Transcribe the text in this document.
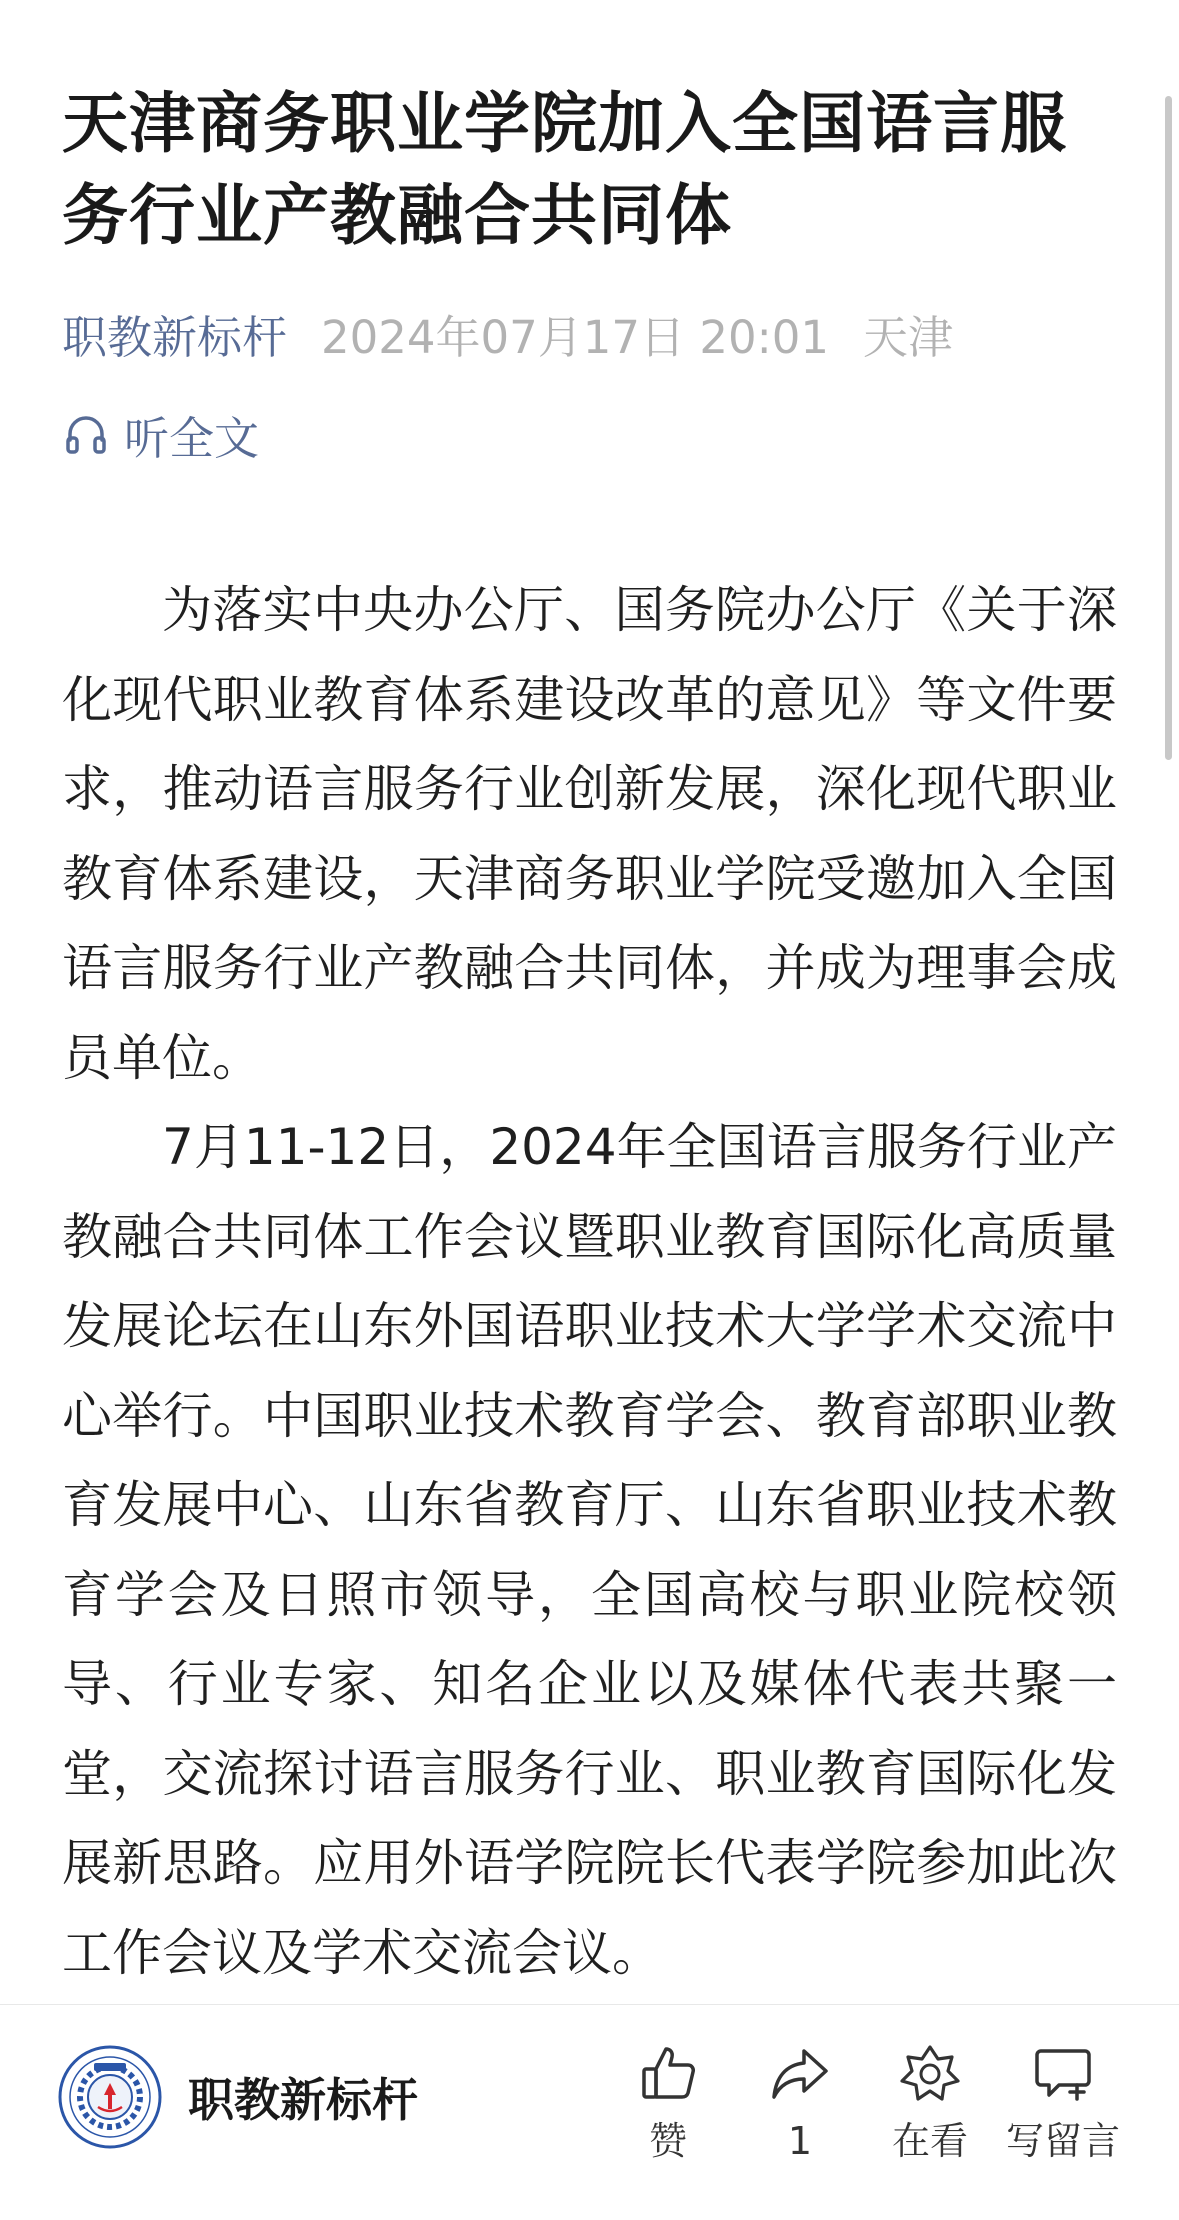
天津商务职业学院加入全国语言服务行业产教融合共同体
职教新标杆 2024年07月17日 20:01 天津
听全文

为落实中央办公厅、国务院办公厅《关于深化现代职业教育体系建设改革的意见》等文件要求，推动语言服务行业创新发展，深化现代职业教育体系建设，天津商务职业学院受邀加入全国语言服务行业产教融合共同体，并成为理事会成员单位。

7月11-12日，2024年全国语言服务行业产教融合共同体工作会议暨职业教育国际化高质量发展论坛在山东外国语职业技术大学学术交流中心举行。中国职业技术教育学会、教育部职业教育发展中心、山东省教育厅、山东省职业技术教育学会及日照市领导，全国高校与职业院校领导、行业专家、知名企业以及媒体代表共聚一堂，交流探讨语言服务行业、职业教育国际化发展新思路。应用外语学院院长代表学院参加此次工作会议及学术交流会议。

职教新标杆
赞	1 在看 写留言
